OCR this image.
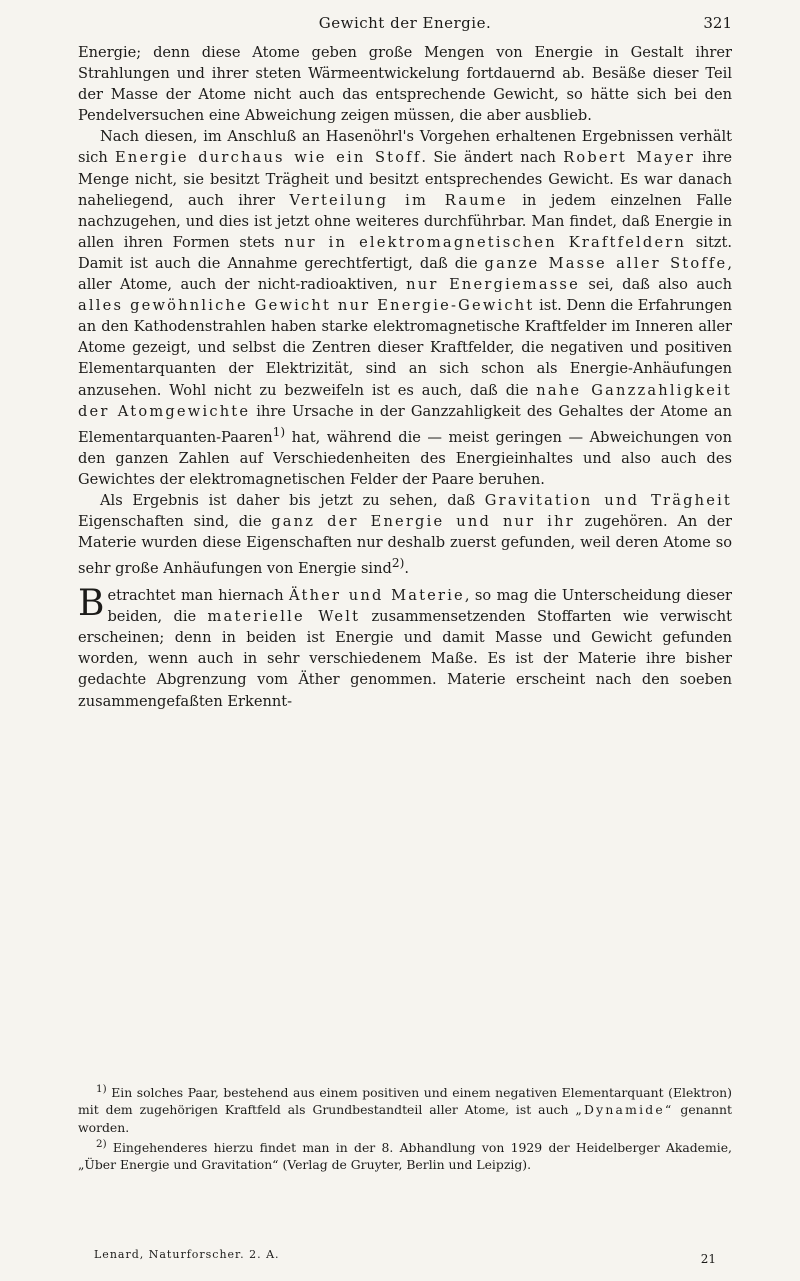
Gewicht der Energie.	321

Energie; denn diese Atome geben große Mengen von Energie in Gestalt ihrer Strahlungen und ihrer steten Wärmeentwickelung fortdauernd ab. Besäße dieser Teil der Masse der Atome nicht auch das entsprechende Gewicht, so hätte sich bei den Pendelversuchen eine Abweichung zeigen müssen, die aber ausblieb.

Nach diesen, im Anschluß an Hasenöhrl's Vorgehen erhaltenen Ergebnissen verhält sich Energie durchaus wie ein Stoff. Sie ändert nach Robert Mayer ihre Menge nicht, sie besitzt Trägheit und besitzt entsprechendes Gewicht. Es war danach naheliegend, auch ihrer Verteilung im Raume in jedem einzelnen Falle nachzugehen, und dies ist jetzt ohne weiteres durchführbar. Man findet, daß Energie in allen ihren Formen stets nur in elektromagnetischen Kraftfeldern sitzt. Damit ist auch die Annahme gerechtfertigt, daß die ganze Masse aller Stoffe, aller Atome, auch der nicht-radioaktiven, nur Energiemasse sei, daß also auch alles gewöhnliche Gewicht nur Energie-Gewicht ist. Denn die Erfahrungen an den Kathodenstrahlen haben starke elektromagnetische Kraftfelder im Inneren aller Atome gezeigt, und selbst die Zentren dieser Kraftfelder, die negativen und positiven Elementarquanten der Elektrizität, sind an sich schon als Energie-Anhäufungen anzusehen. Wohl nicht zu bezweifeln ist es auch, daß die nahe Ganzzahligkeit der Atomgewichte ihre Ursache in der Ganzzahligkeit des Gehaltes der Atome an Elementarquanten-Paaren$^{1)}$ hat, während die — meist geringen — Abweichungen von den ganzen Zahlen auf Verschiedenheiten des Energieinhaltes und also auch des Gewichtes der elektromagnetischen Felder der Paare beruhen.

Als Ergebnis ist daher bis jetzt zu sehen, daß Gravitation und Trägheit Eigenschaften sind, die ganz der Energie und nur ihr zugehören. An der Materie wurden diese Eigenschaften nur deshalb zuerst gefunden, weil deren Atome so sehr große Anhäufungen von Energie sind$^{2)}$.

Betrachtet man hiernach Äther und Materie, so mag die Unterscheidung dieser beiden, die materielle Welt zusammensetzenden Stoffarten wie verwischt erscheinen; denn in beiden ist Energie und damit Masse und Gewicht gefunden worden, wenn auch in sehr verschiedenem Maße. Es ist der Materie ihre bisher gedachte Abgrenzung vom Äther genommen. Materie erscheint nach den soeben zusammengefaßten Erkennt-

$^{1)}$ Ein solches Paar, bestehend aus einem positiven und einem negativen Elementarquant (Elektron) mit dem zugehörigen Kraftfeld als Grundbestandteil aller Atome, ist auch „Dynamide“ genannt worden.

$^{2)}$ Eingehenderes hierzu findet man in der 8. Abhandlung von 1929 der Heidelberger Akademie, „Über Energie und Gravitation“ (Verlag de Gruyter, Berlin und Leipzig).

Lenard, Naturforscher. 2. A.	21
